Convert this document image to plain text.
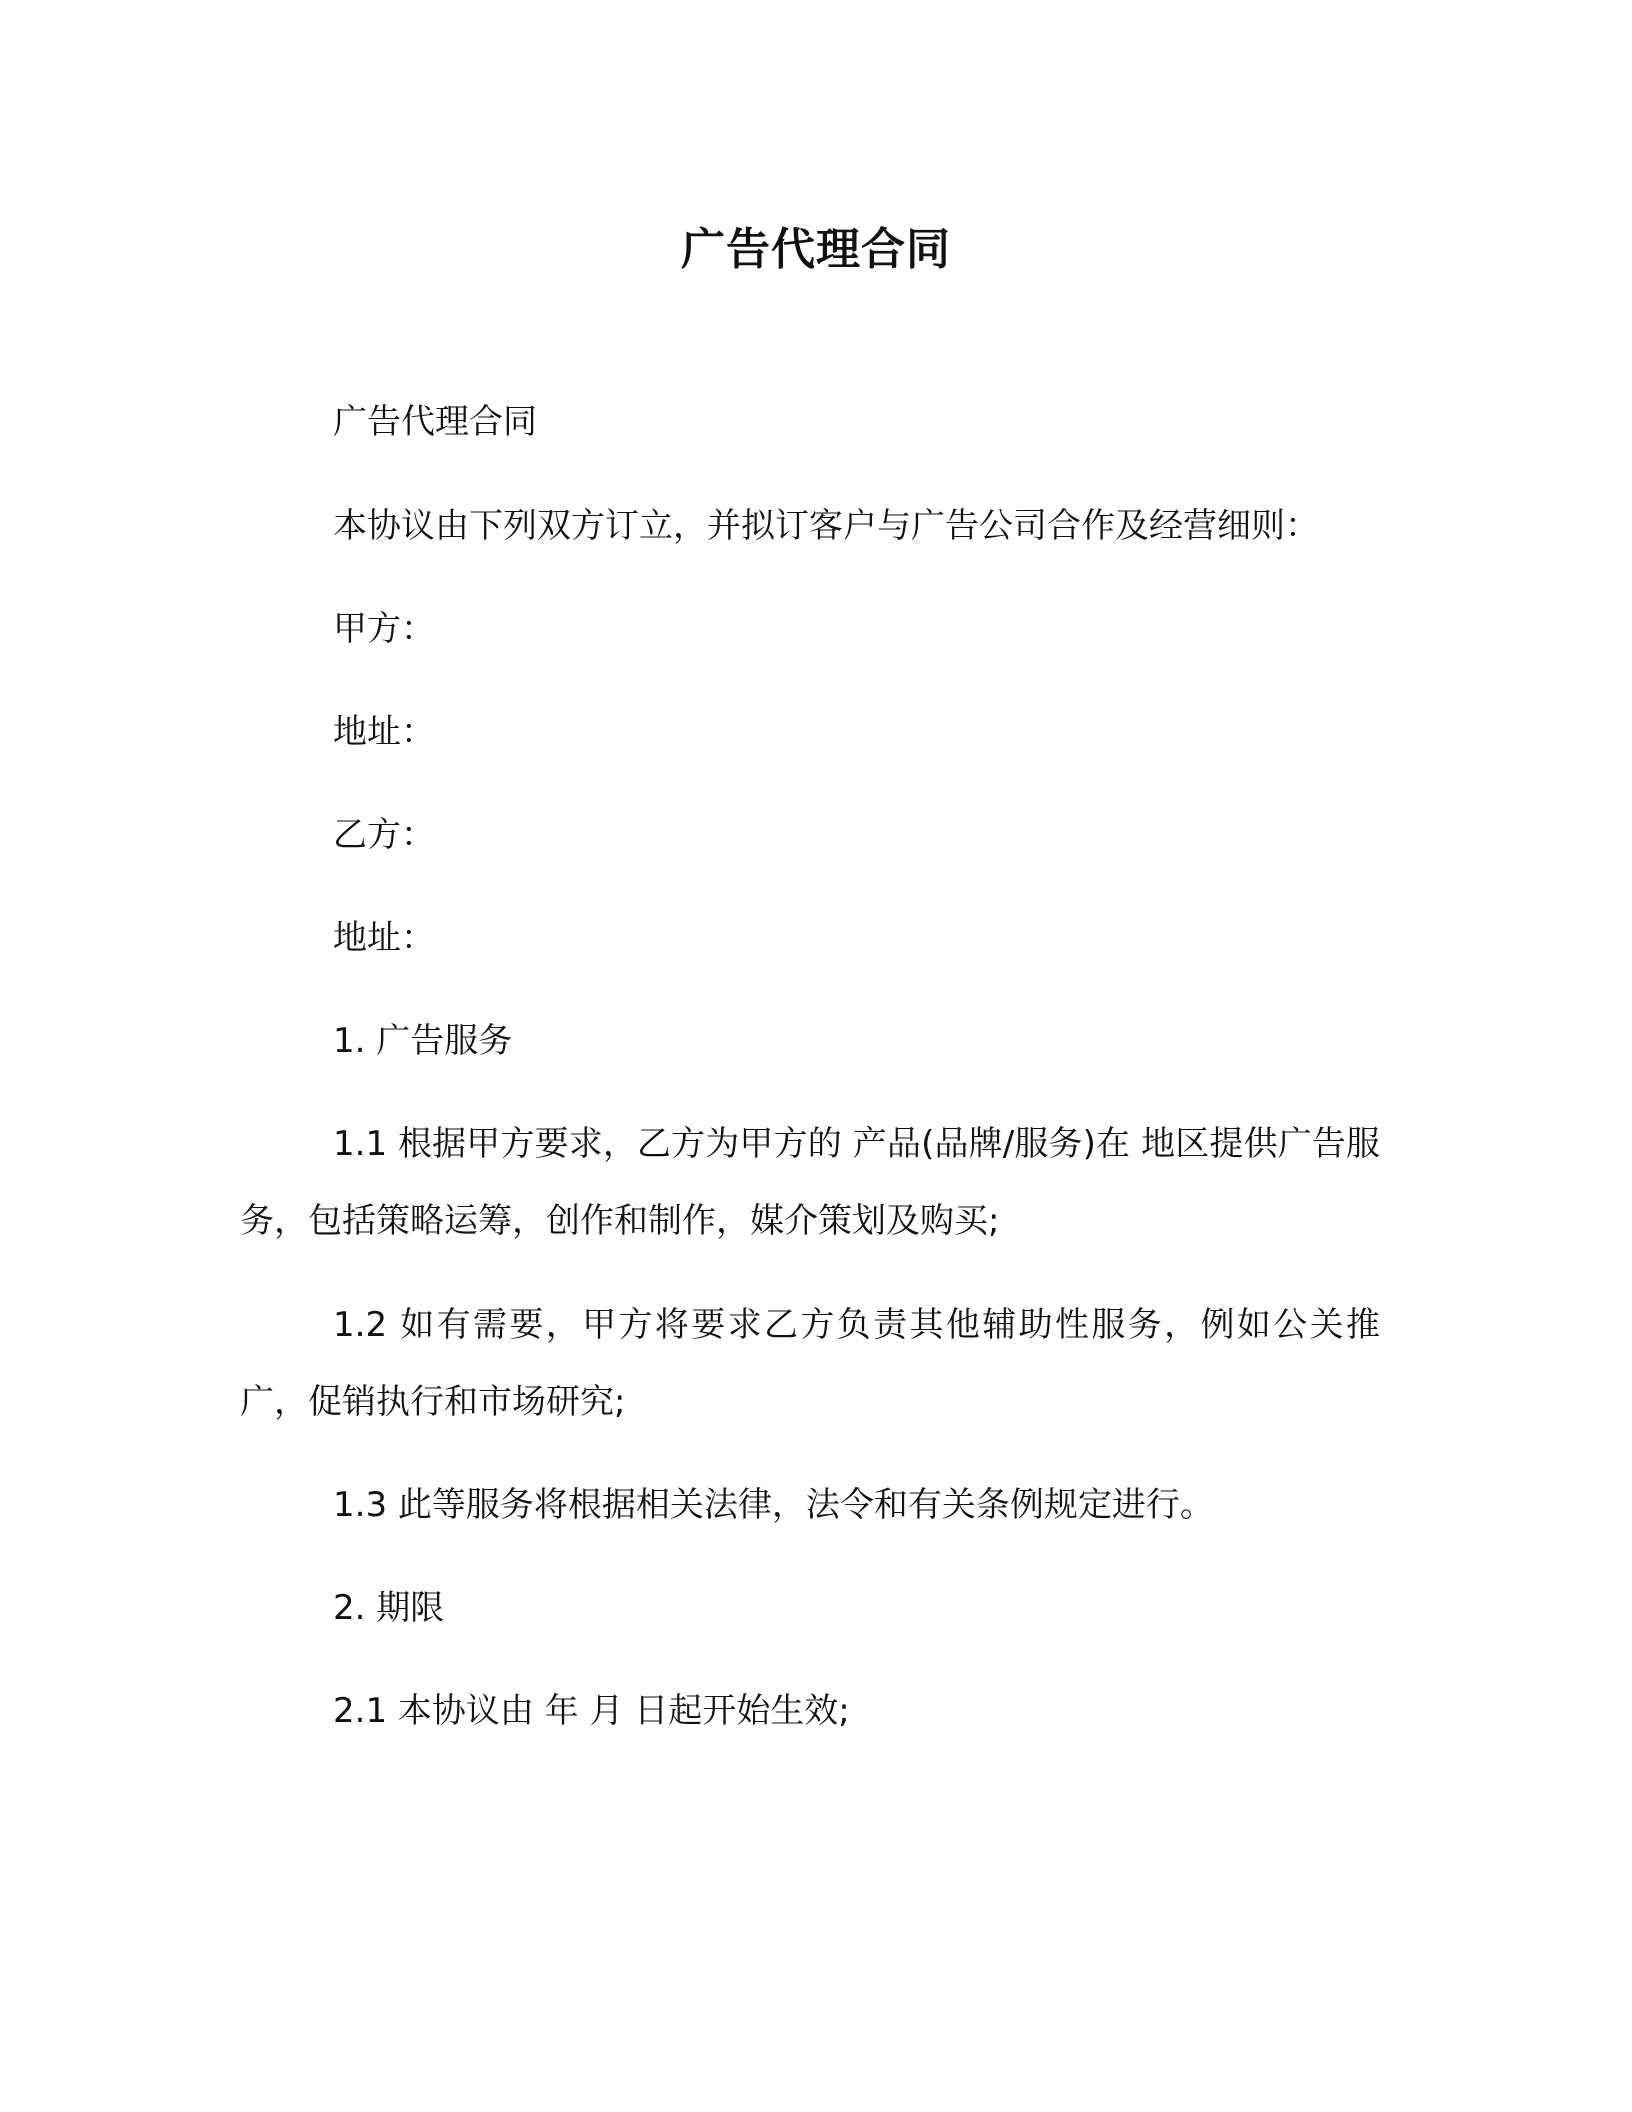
广告代理合同
广告代理合同
本协议由下列双方订立，并拟订客户与广告公司合作及经营细则：
甲方：
地址：
乙方：
地址：
1. 广告服务
1.1 根据甲方要求，乙方为甲方的 产品(品牌/服务)在 地区提供广告服务，包括策略运筹，创作和制作，媒介策划及购买;
1.2 如有需要，甲方将要求乙方负责其他辅助性服务，例如公关推广，促销执行和市场研究;
1.3 此等服务将根据相关法律，法令和有关条例规定进行。
2. 期限
2.1 本协议由 年 月 日起开始生效;
